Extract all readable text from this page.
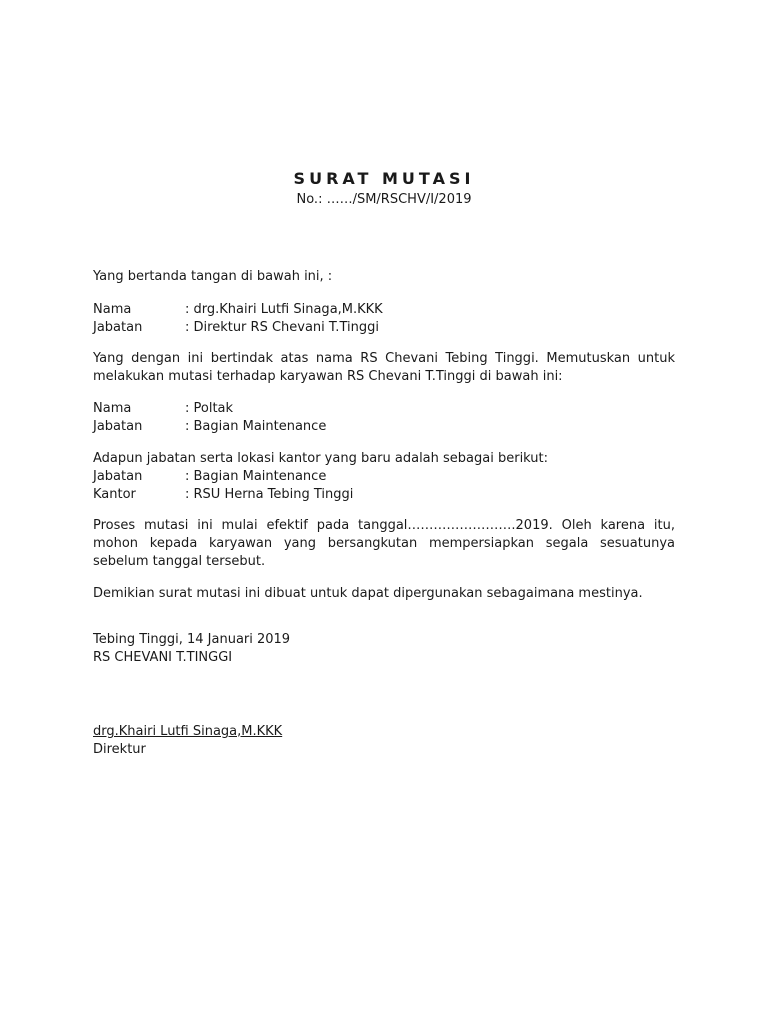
SURAT MUTASI
No.: ……/SM/RSCHV/I/2019
Yang bertanda tangan di bawah ini, :
Nama	: drg.Khairi Lutfi Sinaga,M.KKK
Jabatan	: Direktur RS Chevani T.Tinggi
Yang dengan ini bertindak atas nama RS Chevani Tebing Tinggi. Memutuskan untuk melakukan mutasi terhadap karyawan RS Chevani T.Tinggi di bawah ini:
Nama	: Poltak
Jabatan	: Bagian Maintenance
Adapun jabatan serta lokasi kantor yang baru adalah sebagai berikut:
Jabatan	: Bagian Maintenance
Kantor	: RSU Herna Tebing Tinggi
Proses mutasi ini mulai efektif pada tanggal…………………….2019. Oleh karena itu, mohon kepada karyawan yang bersangkutan mempersiapkan segala sesuatunya sebelum tanggal tersebut.
Demikian surat mutasi ini dibuat untuk dapat dipergunakan sebagaimana mestinya.
Tebing Tinggi, 14 Januari 2019
RS CHEVANI T.TINGGI
drg.Khairi Lutfi Sinaga,M.KKK
Direktur
